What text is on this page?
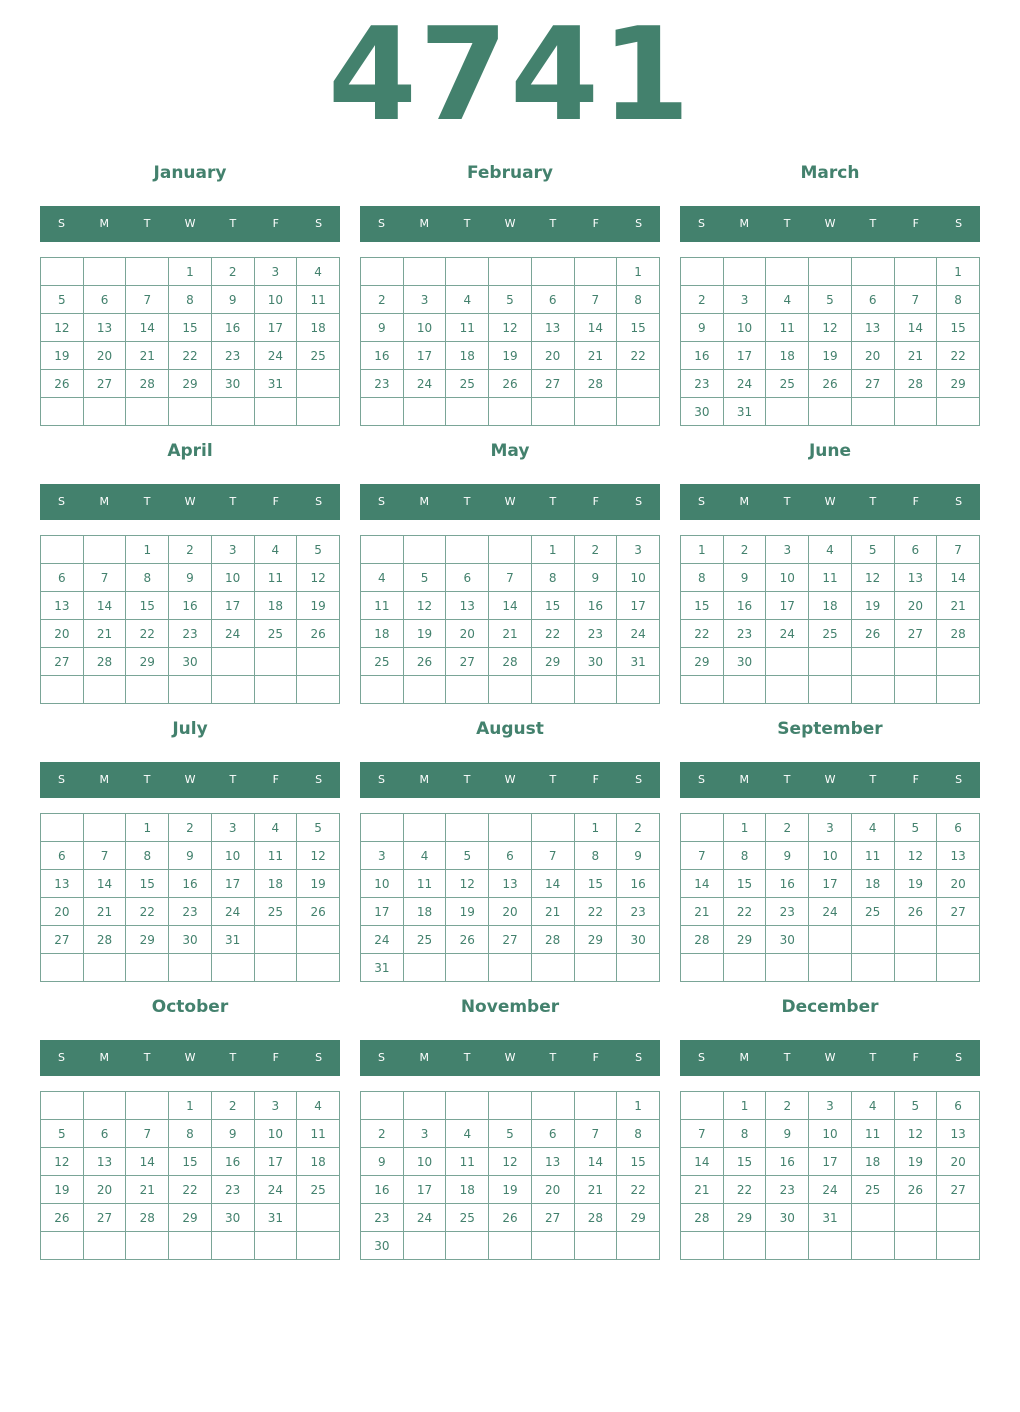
4741
January
S	M	T	W	T	F	S
			1	2	3	4
5	6	7	8	9	10	11
12	13	14	15	16	17	18
19	20	21	22	23	24	25
26	27	28	29	30	31	

February
S	M	T	W	T	F	S
						1
2	3	4	5	6	7	8
9	10	11	12	13	14	15
16	17	18	19	20	21	22
23	24	25	26	27	28	

March
S	M	T	W	T	F	S
						1
2	3	4	5	6	7	8
9	10	11	12	13	14	15
16	17	18	19	20	21	22
23	24	25	26	27	28	29
30	31					
April
S	M	T	W	T	F	S
		1	2	3	4	5
6	7	8	9	10	11	12
13	14	15	16	17	18	19
20	21	22	23	24	25	26
27	28	29	30			

May
S	M	T	W	T	F	S
				1	2	3
4	5	6	7	8	9	10
11	12	13	14	15	16	17
18	19	20	21	22	23	24
25	26	27	28	29	30	31

June
S	M	T	W	T	F	S
1	2	3	4	5	6	7
8	9	10	11	12	13	14
15	16	17	18	19	20	21
22	23	24	25	26	27	28
29	30					

July
S	M	T	W	T	F	S
		1	2	3	4	5
6	7	8	9	10	11	12
13	14	15	16	17	18	19
20	21	22	23	24	25	26
27	28	29	30	31		

August
S	M	T	W	T	F	S
					1	2
3	4	5	6	7	8	9
10	11	12	13	14	15	16
17	18	19	20	21	22	23
24	25	26	27	28	29	30
31						
September
S	M	T	W	T	F	S
	1	2	3	4	5	6
7	8	9	10	11	12	13
14	15	16	17	18	19	20
21	22	23	24	25	26	27
28	29	30				

October
S	M	T	W	T	F	S
			1	2	3	4
5	6	7	8	9	10	11
12	13	14	15	16	17	18
19	20	21	22	23	24	25
26	27	28	29	30	31	

November
S	M	T	W	T	F	S
						1
2	3	4	5	6	7	8
9	10	11	12	13	14	15
16	17	18	19	20	21	22
23	24	25	26	27	28	29
30						
December
S	M	T	W	T	F	S
	1	2	3	4	5	6
7	8	9	10	11	12	13
14	15	16	17	18	19	20
21	22	23	24	25	26	27
28	29	30	31			
